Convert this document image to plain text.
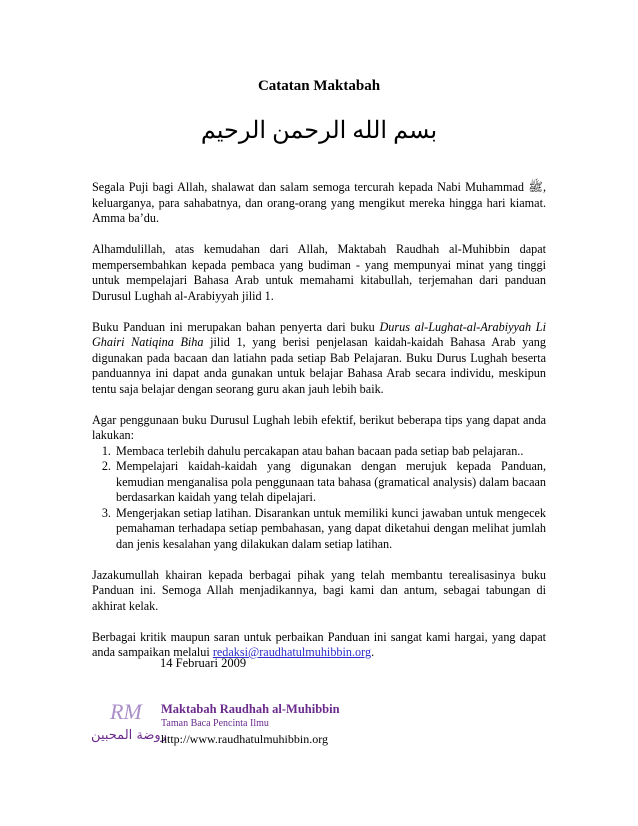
Catatan Maktabah
بسم الله الرحمن الرحيم

Segala Puji bagi Allah, shalawat dan salam semoga tercurah kepada Nabi Muhammad ﷺ, keluarganya, para sahabatnya, dan orang-orang yang mengikut mereka hingga hari kiamat. Amma ba’du.

Alhamdulillah, atas kemudahan dari Allah, Maktabah Raudhah al-Muhibbin dapat mempersembahkan kepada pembaca yang budiman - yang mempunyai minat yang tinggi untuk mempelajari Bahasa Arab untuk memahami kitabullah, terjemahan dari panduan Durusul Lughah al-Arabiyyah jilid 1.

Buku Panduan ini merupakan bahan penyerta dari buku Durus al-Lughat-al-Arabiyyah Li Ghairi Natiqina Biha jilid 1, yang berisi penjelasan kaidah-kaidah Bahasa Arab yang digunakan pada bacaan dan latiahn pada setiap Bab Pelajaran. Buku Durus Lughah beserta panduannya ini dapat anda gunakan untuk belajar Bahasa Arab secara individu, meskipun tentu saja belajar dengan seorang guru akan jauh lebih baik.

Agar penggunaan buku Durusul Lughah lebih efektif, berikut beberapa tips yang dapat anda lakukan:

1. Membaca terlebih dahulu percakapan atau bahan bacaan pada setiap bab pelajaran..
2. Mempelajari kaidah-kaidah yang digunakan dengan merujuk kepada Panduan, kemudian menganalisa pola penggunaan tata bahasa (gramatical analysis) dalam bacaan berdasarkan kaidah yang telah dipelajari.
3. Mengerjakan setiap latihan. Disarankan untuk memiliki kunci jawaban untuk mengecek pemahaman terhadapa setiap pembahasan, yang dapat diketahui dengan melihat jumlah dan jenis kesalahan yang dilakukan dalam setiap latihan.

Jazakumullah khairan kepada berbagai pihak yang telah membantu terealisasinya buku Panduan ini. Semoga Allah menjadikannya, bagi kami dan antum, sebagai tabungan di akhirat kelak.

Berbagai kritik maupun saran untuk perbaikan Panduan ini sangat kami hargai, yang dapat anda sampaikan melalui redaksi@raudhatulmuhibbin.org.

14 Februari 2009
RM
روضة المحبين
Maktabah Raudhah al-Muhibbin
Taman Baca Pencinta Ilmu
http://www.raudhatulmuhibbin.org
